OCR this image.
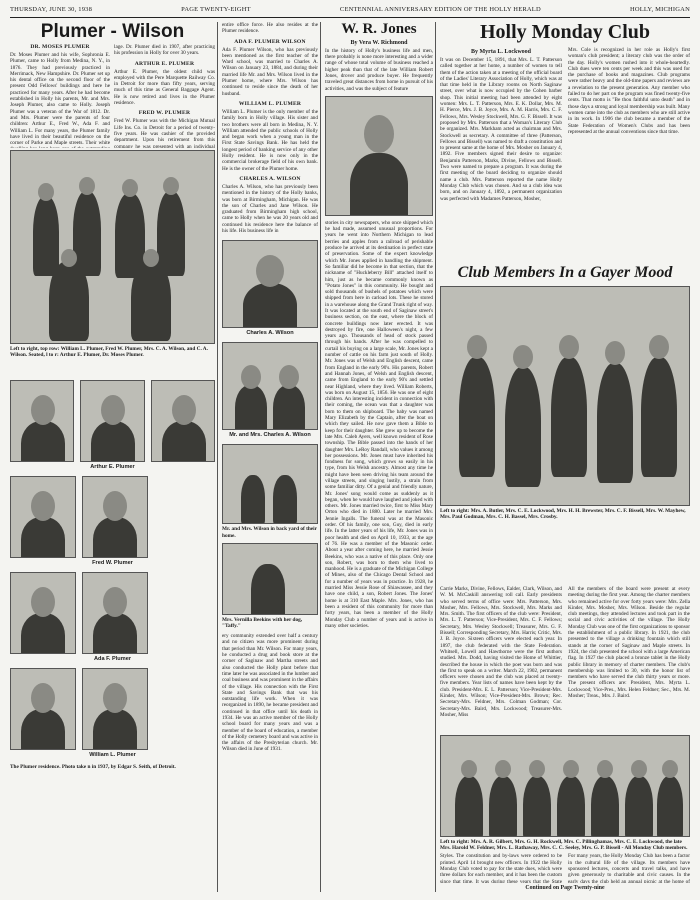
THURSDAY, JUNE 30, 1938	PAGE TWENTY-EIGHT	CENTENNIAL ANNIVERSARY EDITION OF THE HOLLY HERALD	HOLLY, MICHIGAN
Plumer - Wilson
DR. MOSES PLUMER

Dr. Moses Plumer and his wife, Sophronia E. Plumer, came to Holly from Medina, N. Y., in 1876. They had previously practiced in Merrimack, New Hampshire. Dr. Plumer set up his dental office on the second floor of the present Odd Fellows' buildings and here he practiced for many years. After he had become established in Holly his parents, Mr. and Mrs. Joseph Plumer, also came to Holly. Joseph Plumer was a veteran of the War of 1812. Dr. and Mrs. Plumer were the parents of four children: Arthur E., Fred W., Ada F. and William L. For many years, the Plumer family have lived in their beautiful residence on the corner of Parke and Maple streets. Their white

lage. Dr. Plumer died in 1907, after practicing his profession in Holly for over 30 years.

ARTHUR E. PLUMER

Arthur E. Plumer, the oldest child was employed with the Pere Marquette Railway Co. in Detroit for more than fifty years, serving much of this time as General Baggage Agent. He is now retired and lives in the Plumer residence.

FRED W. PLUMER

Fred W. Plumer was with the Michigan Mutual Life Ins. Co. in Detroit for a period of twenty-five years. He was cashier of the provided department. Upon his retirement from this company he was presented with an individual

Left to right, top row: William L. Plumer, Fred W. Plumer, Mrs. C. A. Wilson, and C. A. Wilson. Seated, l to r: Arthur E. Plumer, Dr. Moses Plumer.
Arthur E. Plumer
Fred W. Plumer
Ada F. Plumer
William L. Plumer
The Plumer residence. Photo take n in 1937, by Edgar S. Seith, of Detroit.

entire office force. He also resides at the Plumer residence.

ADA F. PLUMER WILSON

Ada F. Plumer Wilson, who has previously been mentioned as the first teacher of the Ward school, was married to Charles A. Wilson on January 23, 1884, and during their married life Mr. and Mrs. Wilson lived in the Plumer home, where Mrs. Wilson has continued to reside since the death of her husband.

WILLIAM L. PLUMER

William L. Plumer is the only member of the family born in Holly village. His sister and two brothers were all born in Medina, N. Y. William attended the public schools of Holly and began work when a young man in the First State Savings Bank. He has held the longest period of banking service of any other Holly resident. He is now only in the commercial brokerage field of his own bank. He is the owner of the Plumer home.

CHARLES A. WILSON

Charles A. Wilson, who has previously been mentioned in the history of the Holly banks, was born at Birmingham, Michigan. He was the son of Charles and Jane Wilson. He graduated from Birmingham high school, came to Holly when he was 20 years old and continued his residence here the balance of his life. His business life in

Charles A. Wilson
Mr. and Mrs. Charles A. Wilson
Mr. and Mrs. Wilson in back yard of their home.
Mrs. Vernilla Beekins with her dog, "Taffy."

ery community extended over half a century and no citizen was more prominent during that period than Mr. Wilson. For many years, he conducted a drug and book store at the corner of Saginaw and Martha streets and also conducted the Holly plant before that time later he was associated in the lumber and coal business and was prominent in the affairs of the village. His connection with the First State and Savings Bank that was his outstanding life work. When it was reorganized in 1890, he became president and continued in that office until his death in 1934. He was an active member of the Holly school board for many years and was a member of the board of education, a member of the Holly cemetery board and was active in the affairs of the Presbyterian church. Mr. Wilson died in June of 1931.

W. R. Jones
By Vera W. Richmond

In the history of Holly's business life and men, there probably is none more interesting and a wider range of whose total volume of business reached a higher peak than that of the late William Robert Jones, drover and produce buyer. He frequently traveled great distances from home in pursuit of his activities, and was the subject of feature

stories in city newspapers, who once shipped which he had made, assumed unusual proportions. For years he went into Northern Michigan to lead berries and apples from a railroad of perishable produce he arrived at its destination in perfect state of preservation. Some of the expert knowledge which Mr. Jones applied in handling the shipment. So familiar did he become in that section, that the nickname of "Huckleberry Bill" attached itself to him, just as he became commonly known as "Potato Jones" in this community. He bought and sold thousands of bushels of potatoes which were shipped from here in carload lots. These he stored in a warehouse along the Grand Trunk right of way. It was located at the south end of Saginaw street's business section, on the east, where the block of concrete buildings now later erected. It was destroyed by fire, one Halloween's night, a few years ago. Thousands of head of stock passed through his hands. After he was compelled to curtail his buying on a large scale, Mr. Jones kept a number of cattle on his farm just south of Holly. Mr. Jones was of Welsh and English descent, came from England in the early 90's. His parents, Robert and Hannah Jones, of Welsh and English descent, came from England to the early 90's and settled near Highland, where they lived. William Roberts, was born on August 15, 1856. He was one of eight children. An interesting incident in connection with their coming, the ocean was that a daughter was born to them on shipboard. The baby was named Mary Elizabeth by the Captain, after the boat on which they sailed. He now gave them a Bible to keep for their daughter. She grew up to become the late Mrs. Caleb Ayers, well known resident of Rose township. The Bible passed into the hands of her daughter Mrs. LeRoy Randall, who values it among her possessions. Mr. Jones must have inherited his fondness for song, which grows so easily in his type, from his Welsh ancestry. Almost any time he might have been seen driving his team around the village streets, and singing lustily, a strain from some familiar ditty. Of a genial and friendly nature, Mr. Jones' song would come as suddenly as it began, when he would have laughed and joked with others. Mr. Jones married twice, first to Miss Mary Orton who died in 1880. Later he married Mrs. Jennie Ingalls. The funeral was at the Masonic order. Of his family, one son, Guy, died in early life. In the latter years of his life, Mr. Jones was in poor health and died on April 10, 1933, at the age of 76. He was a member of the Masonic order. About a year after coming here, he married Jessie Beekins, who was a native of this place. Only one son, Robert, was born to them who lived to manhood. He is a graduate of the Michigan College of Mines, also of the Chicago Dental School and for a number of years was in practice. In 1928, he married Miss Jessie Rose of Shiawassee, and they have one child, a son, Robert Jones. The Jones' home is at 310 East Maple. Mrs. Jones, who has been a resident of this community for more than forty years, has been a member of the Holly Monday Club a number of years and is active in many other societies.

Holly Monday Club
By Myrta L. Lockwood

It was on December 15, 1891, that Mrs. L. T. Patterson called together at her home, a number of women to tell them of the action taken at a meeting of the official board of the Ladies' Literary Association of Holly, which was at that time held in the Library rooms on North Saginaw street, over what is now occupied by the Cohen barber shop. This initial meeting had been attended by eight women: Mrs. L. T. Patterson, Mrs. E. K. Dollar, Mrs. M. H. Pierce, Mrs. J. B. Joyce, Mrs. A. M. Harris, Mrs. C. F. Fellows, Mrs. Wesley Stockwell, Mrs. G. F. Bissell. It was proposed by Mrs. Patterson that a Woman's Literary Club be organized. Mrs. Markham acted as chairman and Mrs. Stockwell as secretary. A committee of three (Patterson, Fellows and Bissell) was named to draft a constitution and to present same at the home of Mrs. Mosher on January 4, 1892. Five members signed their desire to organize: Benjamin Patterson, Marks, Divine, Fellows and Bissell. Two were named to prepare a program. It was during the first meeting of the board deciding to organize should name a club. Mrs. Patterson reported the name Holly Monday Club which was chosen. And so a club idea was born, and on January 4, 1892, a permanent organization was perfected with Madames Patterson, Mosher,

Mrs. Cole is recognized in her role as Holly's first woman's club president; a literary club was the order of the day. Holly's women rushed into it whole-heartedly. Club dues were ten cents per week and this was used for the purchase of books and magazines. Club programs were rather heavy and the old-time papers and reviews are a revelation to the present generation. Any member who failed to do her part on the program was fined twenty-five cents. That motto is "Be thou faithful unto death" and in those days a strong and loyal membership was built. Many women came into the club as members who are still active in its work. In 1906 the club became a member of the State Federation of Women's Clubs and has been represented at the annual conventions since that time.

Club Members In a Gayer Mood
Left to right: Mrs. A. Butler, Mrs. C. E. Lockwood, Mrs. H. H. Brewster, Mrs. C. F. Bissell, Mrs. W. Mayhew, Mrs. Paul Godman, Mrs. C. H. Bassel, Mrs. Crosby.

Carrie Marks, Divine, Fellows, Ealder, Clark, Wilson, and W. M. McCaskill answering roll call. Early presidents who served terms of office were: Mrs. Patterson, Mrs. Mosher, Mrs. Fellows, Mrs. Stockwell, Mrs. Marks and Mrs. Smith. The first officers of the club were: President, Mrs. L. T. Patterson; Vice-President, Mrs. C. F. Fellows; Secretary, Mrs. Wesley Stockwell; Treasurer, Mrs. G. F. Bissell; Corresponding Secretary, Mrs. Harris; Critic, Mrs. J. B. Joyce. Sixteen officers were elected each year. In 1897, the club federated with the State Federation. Whitsell, Lowell and Hawthorne were the first authors studied. Mrs. Dodd, having visited the Home of Whittier, described the house in which the poet was born and was the first to speak on a writer. March 22, 1902, permanent officers were chosen and the club was placed at twenty-five members. Year lists of names have been kept by the club. President-Mrs. E. L. Patterson; Vice-President-Mrs. Kinder, Mrs. Wilson; Vice-President-Mrs. Brown; Rec. Secretary-Mrs. Feldner, Mrs. Colman Godman; Cor. Secretary-Mrs. Baird, Mrs. Lockwood; Treasurer-Mrs. Mosher, Miss

All the members of the board were present at every meeting during the first year. Among the charter members who remained active for over forty years were: Mrs. Zella Kinder, Mrs. Mosher, Mrs. Wilson. Beside the regular club meetings, they attended lectures and took part in the social and civic activities of the village. The Holly Monday Club was one of the first organizations to sponsor the establishment of a public library. In 1921, the club presented to the village a drinking fountain which still stands at the corner of Saginaw and Maple streets. In 1924, the club presented the school with a large American flag. In 1927 the club placed a bronze tablet in the Holly public library in memory of charter members. The club's membership was limited to 30, with the honor list of members who have served the club thirty years or more. The present officers are: President, Mrs. Myrta L. Lockwood; Vice-Pres., Mrs. Helen Feldner; Sec., Mrs. M. Mosher; Treas., Mrs. J. Baird.

Left to right: Mrs. A. R. Gilbert, Mrs. G. H. Rockwell, Mrs. C. Pillinghamas, Mrs. C. E. Lockwood, the late Mrs. Harold W. Feldner, Mrs. L. Rathaway, Mrs. C. C. Seeley, Mrs. G. P. Bissell - All Monday Club members.

Styles. The constitution and by-laws were ordered to be printed. April 14 brought new officers. In 1922 the Holly Monday Club voted to pay for the state dues, which were three dollars for each member, and it has been the custom since that time. It was during these years that the State

For many years, the Holly Monday Club has been a factor in the cultural life of the village. Its members have sponsored lectures, concerts and travel talks, and have given generously to charitable and civic causes. In the early days the club held an annual picnic at the home of

Continued on Page Twenty-nine
